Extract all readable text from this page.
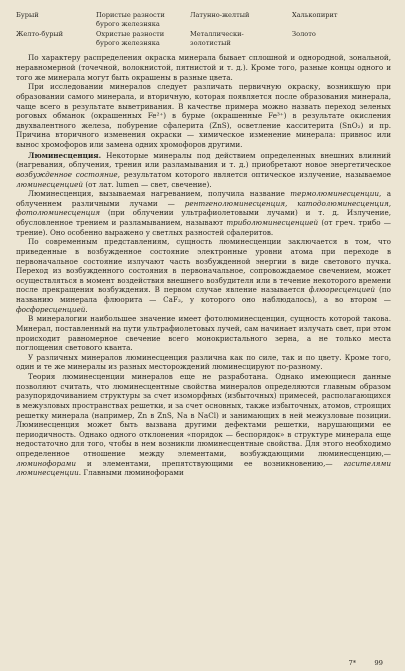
Бурый	Пористые разности бурого железняка	Латунно-желтый	Халькопирит
Желто-бурый	Охристые разности бурого железняка	Металлически-золотистый	Золото

По характеру распределения окраска минерала бывает сплошной и однородной, зональной, неравномерной (точечной, волокнистой, пятнистой и т. д.). Кроме того, разные концы одного и того же минерала могут быть окрашены в разные цвета.

При исследовании минералов следует различать первичную окраску, возникшую при образовании самого минерала, и вторичную, которая появляется после образования минерала, чаще всего в результате выветривания. В качестве примера можно назвать переход зеленых роговых обманок (окрашенных Fe²⁺) в бурые (окрашенные Fe³⁺) в результате окисления двухвалентного железа, побурение сфалерита (ZnS), осветление касситерита (SnO₂) и пр. Причина вторичного изменения окраски — химическое изменение минерала: привнос или вынос хромофоров или замена одних хромофоров другими.

Люминесценция. Некоторые минералы под действием определенных внешних влияний (нагревания, облучения, трения или разламывания и т. д.) приобретают новое энергетическое возбужденное состояние, результатом которого является оптическое излучение, называемое люминесценцией (от лат. lumen — свет, свечение).

Люминесценция, вызываемая нагреванием, получила название термолюминесценции, а облученнем различными лучами — рентгенолюминесценция, катодолюминесценция, фотолюминесценция (при облучении ультрафиолетовыми лучами) и т. д. Излучение, обусловленное трением и разламыванием, называют триболюминесценцией (от греч. трибо — трение). Оно особенно выражено у светлых разностей сфалеритов.

По современным представлениям, сущность люминесценции заключается в том, что приведенные в возбужденное состояние электронные уровни атома при переходе в первоначальное состояние излучают часть возбужденной энергии в виде светового пучка. Переход из возбужденного состояния в первоначальное, сопровождаемое свечением, может осуществляться в момент воздействия внешнего возбудителя или в течение некоторого времени после прекращения возбуждения. В первом случае явление называется флюоресценцией (по названию минерала флюорита — CaF₂, у которого оно наблюдалось), а во втором — фосфоресценцией.

В минералогии наибольшее значение имеет фотолюминесценция, сущность которой такова. Минерал, поставленный на пути ультрафиолетовых лучей, сам начинает излучать свет, при этом происходит равномерное свечение всего монокристального зерна, а не только места поглощения светового кванта.

У различных минералов люминесценция различна как по силе, так и по цвету. Кроме того, один и те же минералы из разных месторождений люминесцируют по-разному.

Теория люминесценции минералов еще не разработана. Однако имеющиеся данные позволяют считать, что люминесцентные свойства минералов определяются главным образом разупорядочиванием структуры за счет изоморфных (избыточных) примесей, располагающихся в межузловых пространствах решетки, и за счет основных, также избыточных, атомов, строящих решетку минерала (например, Zn в ZnS, Na в NaCl) и занимающих в ней межузловые позиции. Люминесценция может быть вызвана другими дефектами решетки, нарушающими ее периодичность. Однако одного отклонения «порядок — беспорядок» в структуре минерала еще недостаточно для того, чтобы в нем возникли люминесцентные свойства. Для этого необходимо определенное отношение между элементами, возбуждающими люминесценцию,— люминофорами и элементами, препятствующими ее возникновению,— гасителями люминесценции. Главными люминофорами

7*	99
